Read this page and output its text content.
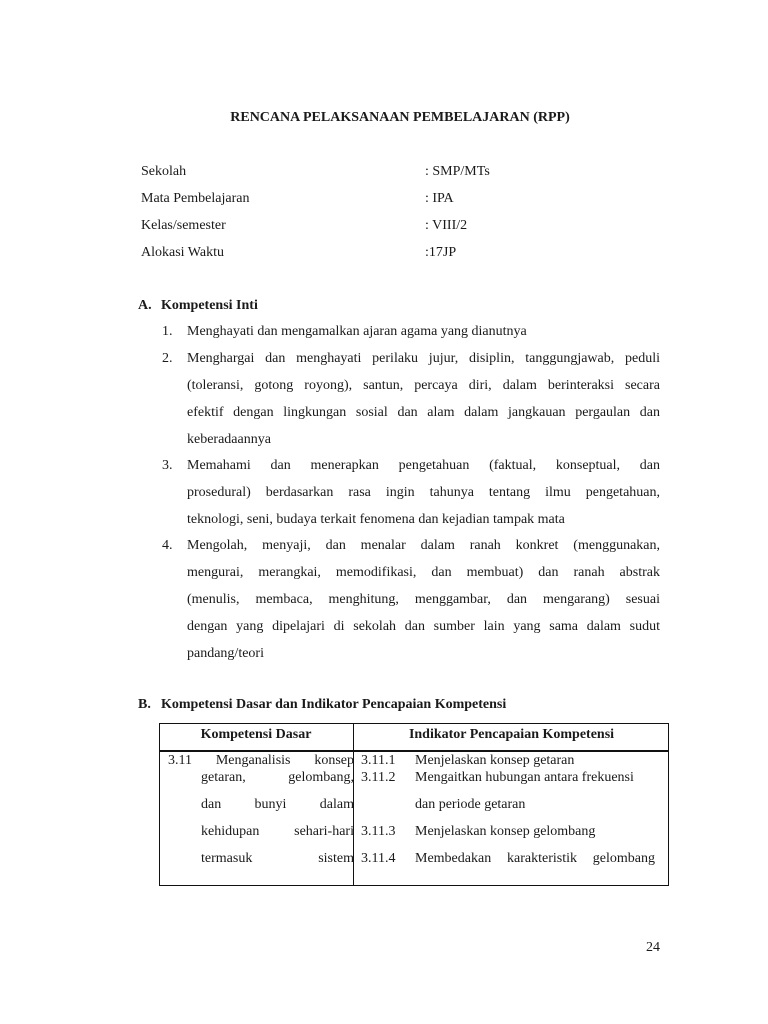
RENCANA PELAKSANAAN PEMBELAJARAN (RPP)
Sekolah	: SMP/MTs
Mata Pembelajaran	: IPA
Kelas/semester	: VIII/2
Alokasi Waktu	:17JP
A. Kompetensi Inti
1. Menghayati dan mengamalkan ajaran agama yang dianutnya
2. Menghargai dan menghayati perilaku jujur, disiplin, tanggungjawab, peduli
(toleransi, gotong royong), santun, percaya diri, dalam berinteraksi secara
efektif dengan lingkungan sosial dan alam dalam jangkauan pergaulan dan
keberadaannya
3. Memahami dan menerapkan pengetahuan (faktual, konseptual, dan
prosedural) berdasarkan rasa ingin tahunya tentang ilmu pengetahuan,
teknologi, seni, budaya terkait fenomena dan kejadian tampak mata
4. Mengolah, menyaji, dan menalar dalam ranah konkret (menggunakan,
mengurai, merangkai, memodifikasi, dan membuat) dan ranah abstrak
(menulis, membaca, menghitung, menggambar, dan mengarang) sesuai
dengan yang dipelajari di sekolah dan sumber lain yang sama dalam sudut
pandang/teori
B. Kompetensi Dasar dan Indikator Pencapaian Kompetensi
Kompetensi Dasar	Indikator Pencapaian Kompetensi
3.11 Menganalisis konsep
getaran, gelombang,
dan bunyi dalam
kehidupan sehari-hari
termasuk sistem
3.11.1 Menjelaskan konsep getaran
3.11.2 Mengaitkan hubungan antara frekuensi
dan periode getaran
3.11.3 Menjelaskan konsep gelombang
3.11.4 Membedakan karakteristik gelombang
24
